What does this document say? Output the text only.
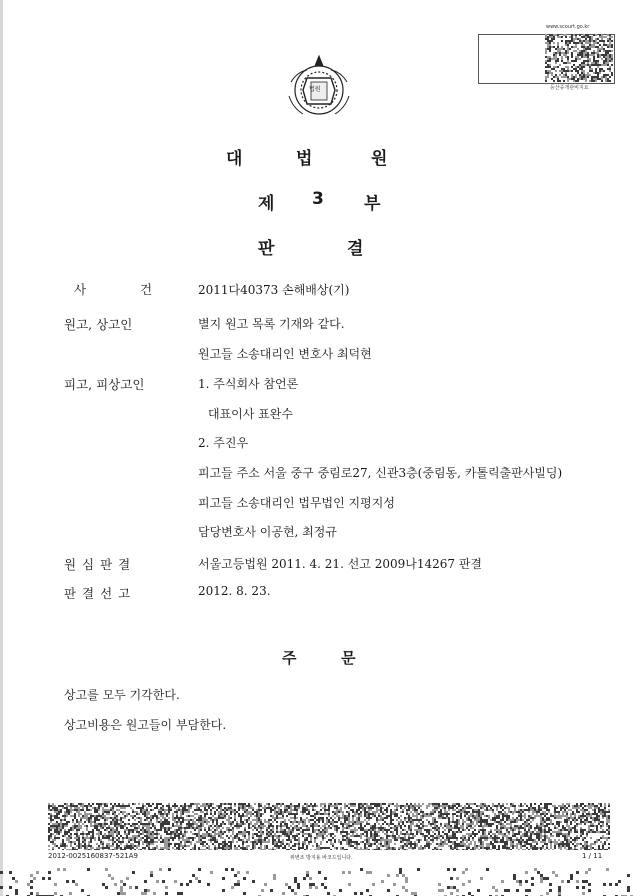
법원
www.scourt.go.kr
등산중개관비지요
대	법	원
제 3 부
판	결
사	건	2011다40373 손해배상(기)
원고, 상고인	별지 원고 목록 기재와 같다.
원고들 소송대리인 변호사 최덕현
피고, 피상고인	1. 주식회사 참언론
대표이사 표완수
2. 주진우
피고들 주소 서울 중구 중림로27, 신관3층(중림동, 카톨릭출판사빌딩)
피고들 소송대리인 법무법인 지평지성
담당변호사 이공현, 최정규
원 심 판 결	서울고등법원 2011. 4. 21. 선고 2009나14267 판결
판 결 선 고	2012. 8. 23.
주	문
상고를 모두 기각한다.
상고비용은 원고들이 부담한다.
2012-0025160837-521A9	위변조 방지용 바코드입니다.	1 / 11
